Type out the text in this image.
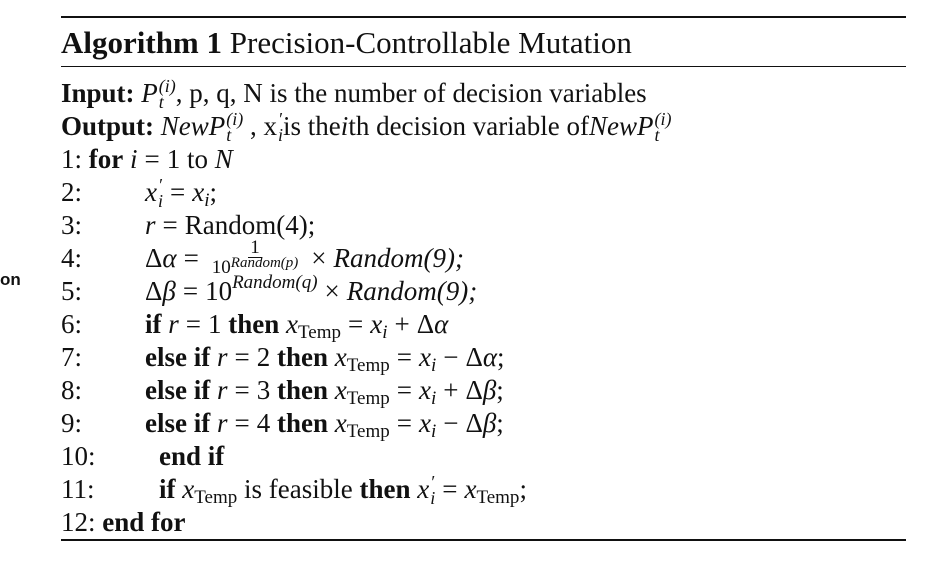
on
Algorithm 1 Precision-Controllable Mutation
Input:
P (i)
t , p, q, N is the number of decision variables
Output:
NewP (i)
t
, x ′
i is the i th decision variable of NewP (i)
t
1:
for
i = 1 to
N
2: x ′
i = x i ;
3: r = Random(4);
4: Δ $\alpha = \frac{1}{10^{Random(p)}}$ × Random(9);
5: Δ β = 10 Random(q) × Random(9);
6: if
r = 1 then
x Temp = x i + Δ α
7: else if
r = 2 then
x Temp = x i − Δ α ;
8: else if
r = 3 then
x Temp = x i + Δ β ;
9: else if
r = 4 then
x Temp = x i − Δ β ;
10: end if
11: if
x Temp
is feasible
then
x ′
i = x Temp ;
12:
end for
